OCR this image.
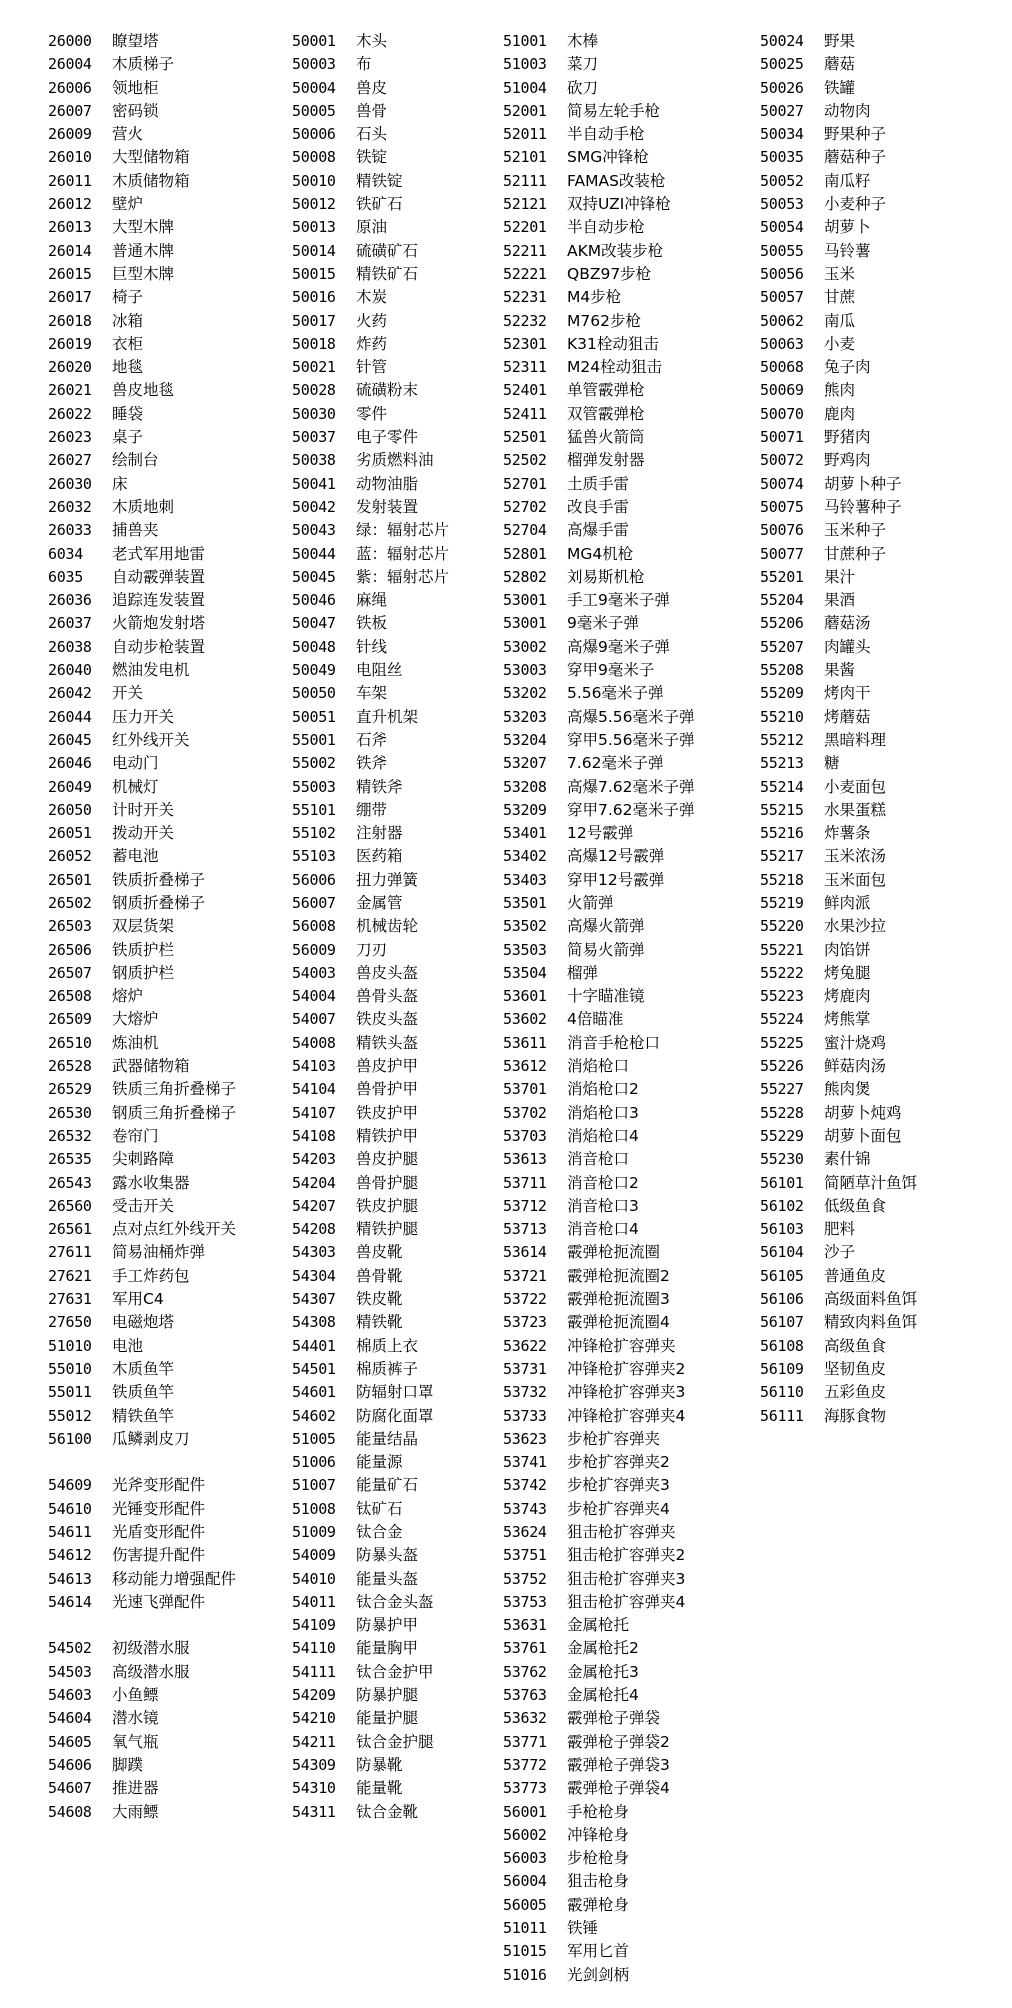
26000	瞭望塔
26004	木质梯子
26006	领地柜
26007	密码锁
26009	营火
26010	大型储物箱
26011	木质储物箱
26012	壁炉
26013	大型木牌
26014	普通木牌
26015	巨型木牌
26017	椅子
26018	冰箱
26019	衣柜
26020	地毯
26021	兽皮地毯
26022	睡袋
26023	桌子
26027	绘制台
26030	床
26032	木质地刺
26033	捕兽夹
6034	老式军用地雷
6035	自动霰弹装置
26036	追踪连发装置
26037	火箭炮发射塔
26038	自动步枪装置
26040	燃油发电机
26042	开关
26044	压力开关
26045	红外线开关
26046	电动门
26049	机械灯
26050	计时开关
26051	拨动开关
26052	蓄电池
26501	铁质折叠梯子
26502	钢质折叠梯子
26503	双层货架
26506	铁质护栏
26507	钢质护栏
26508	熔炉
26509	大熔炉
26510	炼油机
26528	武器储物箱
26529	铁质三角折叠梯子
26530	钢质三角折叠梯子
26532	卷帘门
26535	尖刺路障
26543	露水收集器
26560	受击开关
26561	点对点红外线开关
27611	简易油桶炸弹
27621	手工炸药包
27631	军用C4
27650	电磁炮塔
51010	电池
55010	木质鱼竿
55011	铁质鱼竿
55012	精铁鱼竿
56100	瓜鳞剥皮刀
54609	光斧变形配件
54610	光锤变形配件
54611	光盾变形配件
54612	伤害提升配件
54613	移动能力增强配件
54614	光速飞弹配件
54502	初级潜水服
54503	高级潜水服
54603	小鱼鳔
54604	潜水镜
54605	氧气瓶
54606	脚蹼
54607	推进器
54608	大雨鳔
50001	木头
50003	布
50004	兽皮
50005	兽骨
50006	石头
50008	铁锭
50010	精铁锭
50012	铁矿石
50013	原油
50014	硫磺矿石
50015	精铁矿石
50016	木炭
50017	火药
50018	炸药
50021	针管
50028	硫磺粉末
50030	零件
50037	电子零件
50038	劣质燃料油
50041	动物油脂
50042	发射装置
50043	绿：辐射芯片
50044	蓝：辐射芯片
50045	紫：辐射芯片
50046	麻绳
50047	铁板
50048	针线
50049	电阻丝
50050	车架
50051	直升机架
55001	石斧
55002	铁斧
55003	精铁斧
55101	绷带
55102	注射器
55103	医药箱
56006	扭力弹簧
56007	金属管
56008	机械齿轮
56009	刀刃
54003	兽皮头盔
54004	兽骨头盔
54007	铁皮头盔
54008	精铁头盔
54103	兽皮护甲
54104	兽骨护甲
54107	铁皮护甲
54108	精铁护甲
54203	兽皮护腿
54204	兽骨护腿
54207	铁皮护腿
54208	精铁护腿
54303	兽皮靴
54304	兽骨靴
54307	铁皮靴
54308	精铁靴
54401	棉质上衣
54501	棉质裤子
54601	防辐射口罩
54602	防腐化面罩
51005	能量结晶
51006	能量源
51007	能量矿石
51008	钛矿石
51009	钛合金
54009	防暴头盔
54010	能量头盔
54011	钛合金头盔
54109	防暴护甲
54110	能量胸甲
54111	钛合金护甲
54209	防暴护腿
54210	能量护腿
54211	钛合金护腿
54309	防暴靴
54310	能量靴
54311	钛合金靴
51001	木棒
51003	菜刀
51004	砍刀
52001	简易左轮手枪
52011	半自动手枪
52101	SMG冲锋枪
52111	FAMAS改装枪
52121	双持UZI冲锋枪
52201	半自动步枪
52211	AKM改装步枪
52221	QBZ97步枪
52231	M4步枪
52232	M762步枪
52301	K31栓动狙击
52311	M24栓动狙击
52401	单管霰弹枪
52411	双管霰弹枪
52501	猛兽火箭筒
52502	榴弹发射器
52701	土质手雷
52702	改良手雷
52704	高爆手雷
52801	MG4机枪
52802	刘易斯机枪
53001	手工9毫米子弹
53001	9毫米子弹
53002	高爆9毫米子弹
53003	穿甲9毫米子
53202	5.56毫米子弹
53203	高爆5.56毫米子弹
53204	穿甲5.56毫米子弹
53207	7.62毫米子弹
53208	高爆7.62毫米子弹
53209	穿甲7.62毫米子弹
53401	12号霰弹
53402	高爆12号霰弹
53403	穿甲12号霰弹
53501	火箭弹
53502	高爆火箭弹
53503	简易火箭弹
53504	榴弹
53601	十字瞄准镜
53602	4倍瞄准
53611	消音手枪枪口
53612	消焰枪口
53701	消焰枪口2
53702	消焰枪口3
53703	消焰枪口4
53613	消音枪口
53711	消音枪口2
53712	消音枪口3
53713	消音枪口4
53614	霰弹枪扼流圈
53721	霰弹枪扼流圈2
53722	霰弹枪扼流圈3
53723	霰弹枪扼流圈4
53622	冲锋枪扩容弹夹
53731	冲锋枪扩容弹夹2
53732	冲锋枪扩容弹夹3
53733	冲锋枪扩容弹夹4
53623	步枪扩容弹夹
53741	步枪扩容弹夹2
53742	步枪扩容弹夹3
53743	步枪扩容弹夹4
53624	狙击枪扩容弹夹
53751	狙击枪扩容弹夹2
53752	狙击枪扩容弹夹3
53753	狙击枪扩容弹夹4
53631	金属枪托
53761	金属枪托2
53762	金属枪托3
53763	金属枪托4
53632	霰弹枪子弹袋
53771	霰弹枪子弹袋2
53772	霰弹枪子弹袋3
53773	霰弹枪子弹袋4
56001	手枪枪身
56002	冲锋枪身
56003	步枪枪身
56004	狙击枪身
56005	霰弹枪身
51011	铁锤
51015	军用匕首
51016	光剑剑柄
50024	野果
50025	蘑菇
50026	铁罐
50027	动物肉
50034	野果种子
50035	蘑菇种子
50052	南瓜籽
50053	小麦种子
50054	胡萝卜
50055	马铃薯
50056	玉米
50057	甘蔗
50062	南瓜
50063	小麦
50068	兔子肉
50069	熊肉
50070	鹿肉
50071	野猪肉
50072	野鸡肉
50074	胡萝卜种子
50075	马铃薯种子
50076	玉米种子
50077	甘蔗种子
55201	果汁
55204	果酒
55206	蘑菇汤
55207	肉罐头
55208	果酱
55209	烤肉干
55210	烤蘑菇
55212	黑暗料理
55213	糖
55214	小麦面包
55215	水果蛋糕
55216	炸薯条
55217	玉米浓汤
55218	玉米面包
55219	鲜肉派
55220	水果沙拉
55221	肉馅饼
55222	烤兔腿
55223	烤鹿肉
55224	烤熊掌
55225	蜜汁烧鸡
55226	鲜菇肉汤
55227	熊肉煲
55228	胡萝卜炖鸡
55229	胡萝卜面包
55230	素什锦
56101	简陋草汁鱼饵
56102	低级鱼食
56103	肥料
56104	沙子
56105	普通鱼皮
56106	高级面料鱼饵
56107	精致肉料鱼饵
56108	高级鱼食
56109	坚韧鱼皮
56110	五彩鱼皮
56111	海豚食物
